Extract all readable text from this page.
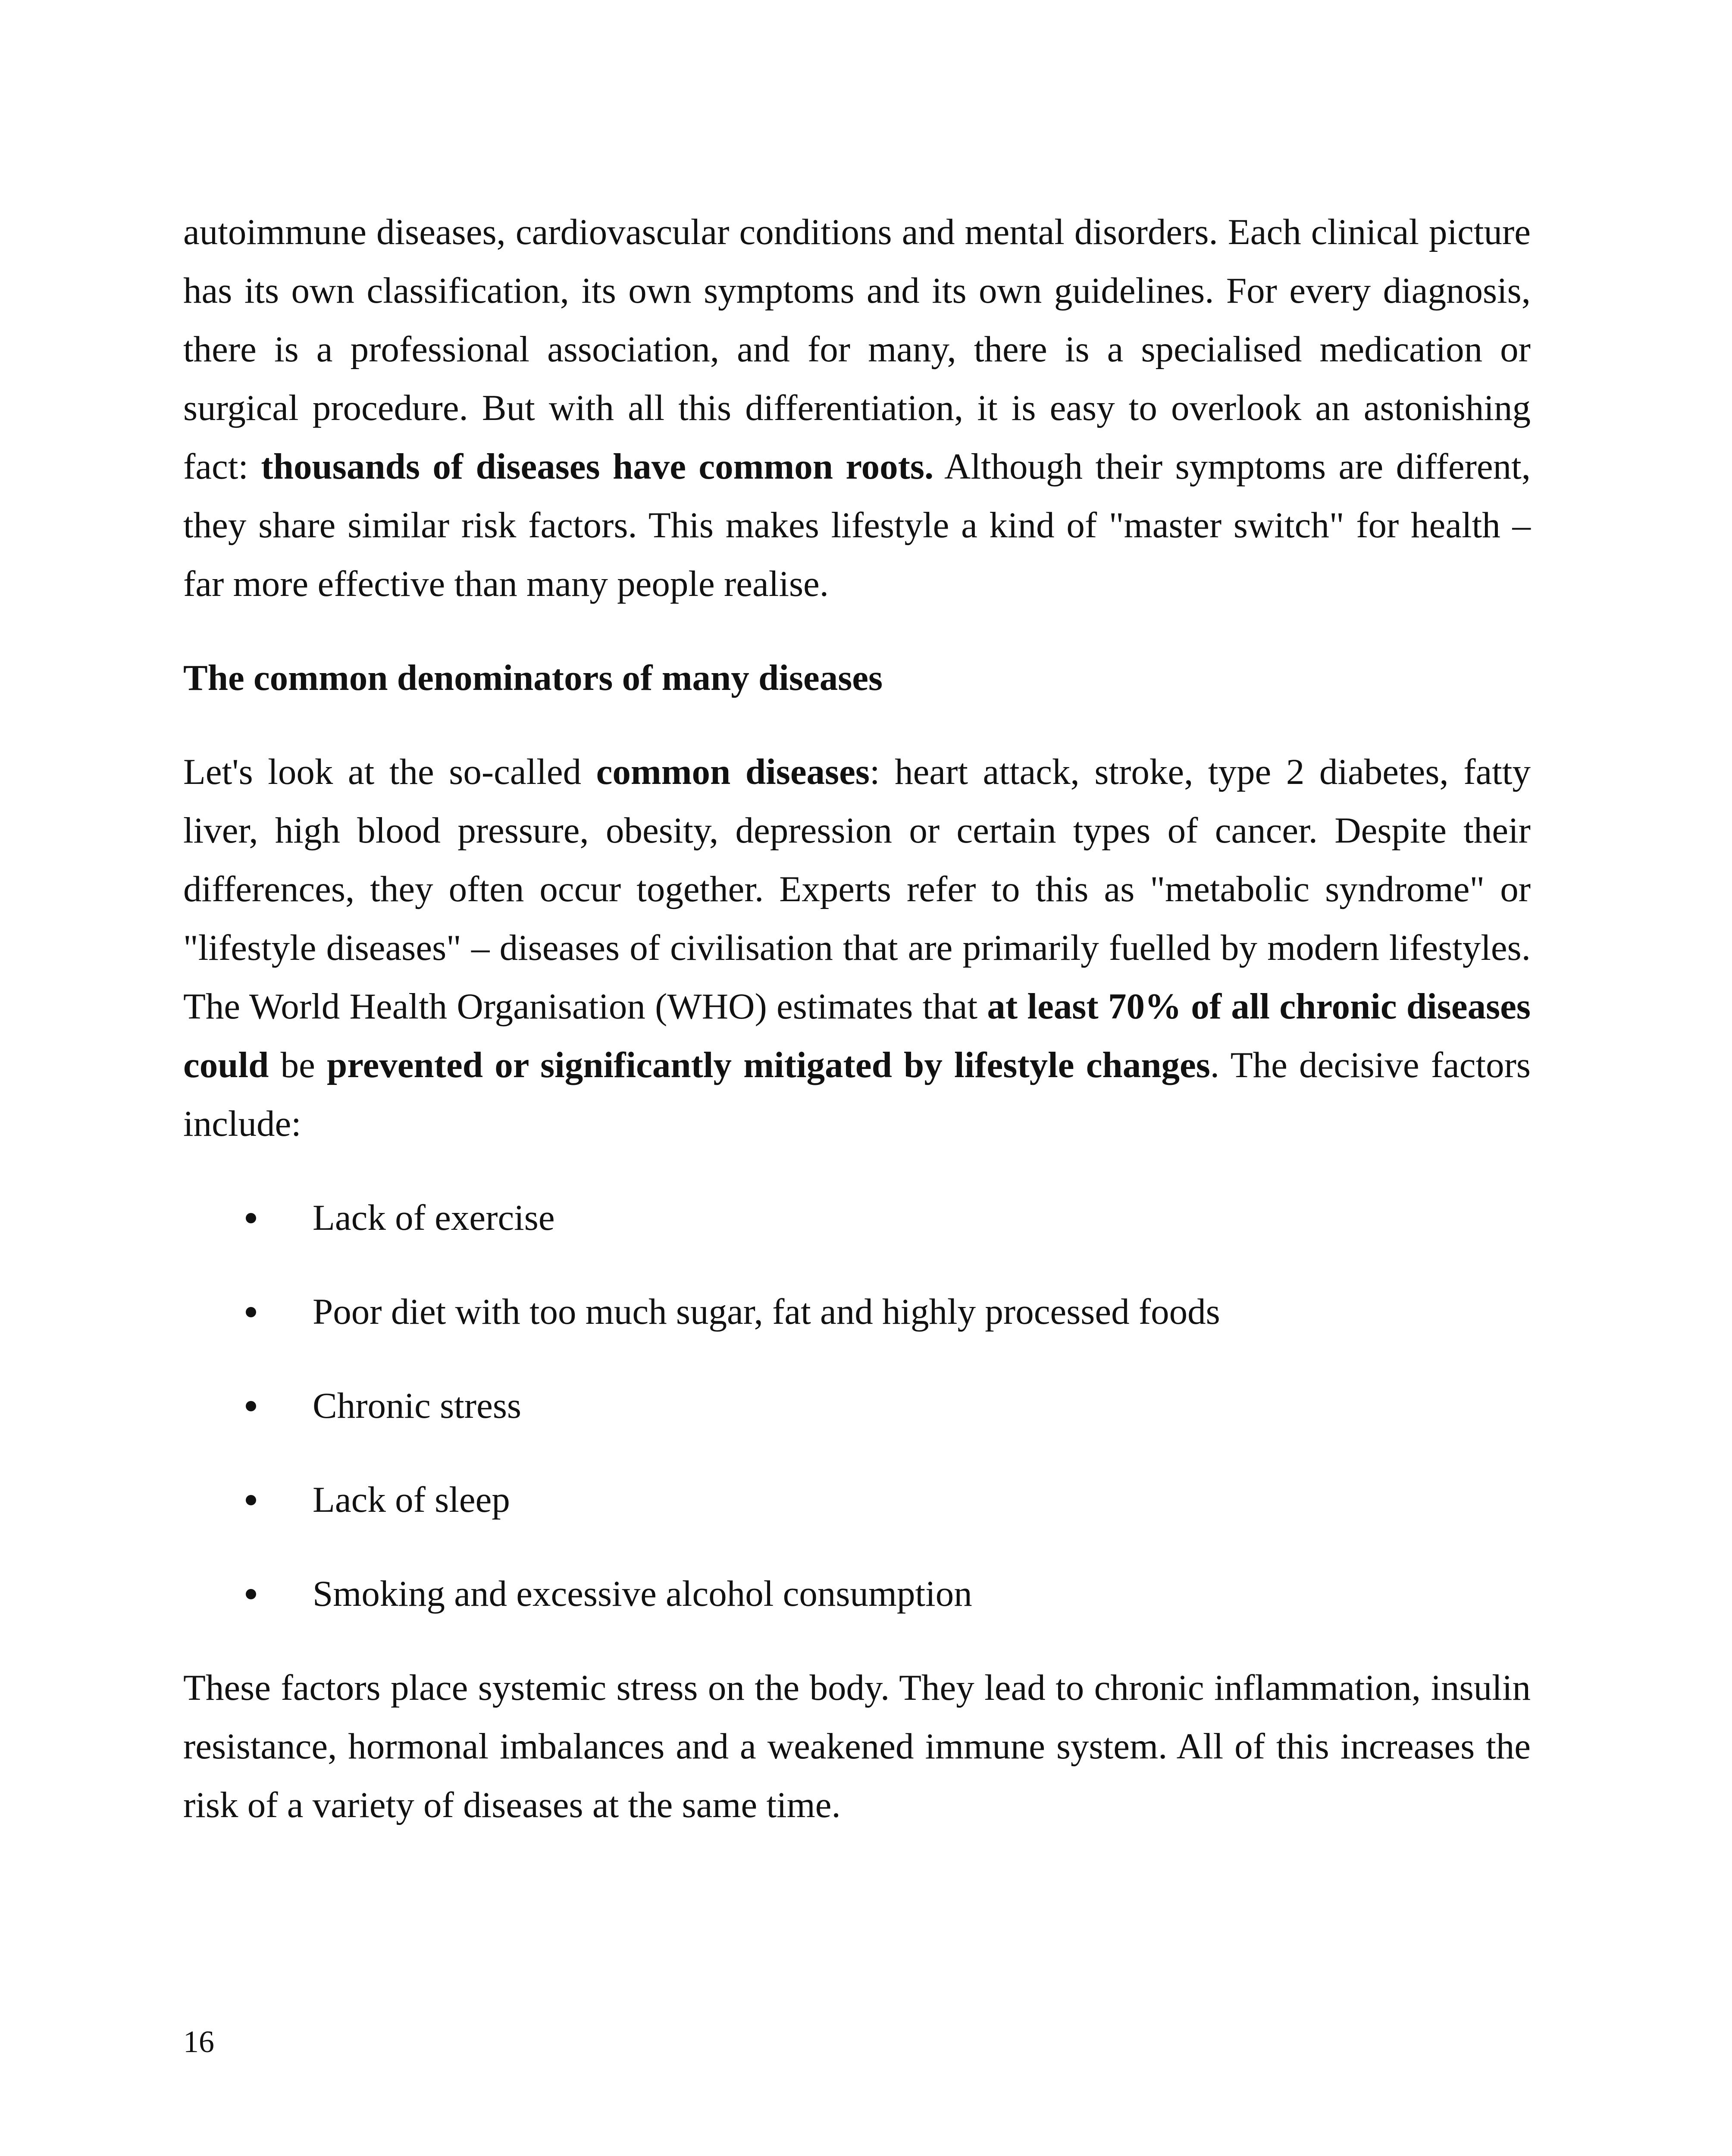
autoimmune diseases, cardiovascular conditions and mental disorders. Each clinical picture has its own classification, its own symptoms and its own guidelines. For every diagnosis, there is a professional association, and for many, there is a specialised medication or surgical procedure. But with all this differentiation, it is easy to overlook an astonishing fact: thousands of diseases have common roots. Although their symptoms are different, they share similar risk factors. This makes lifestyle a kind of "master switch" for health – far more effective than many people realise.

The common denominators of many diseases

Let's look at the so-called common diseases: heart attack, stroke, type 2 diabetes, fatty liver, high blood pressure, obesity, depression or certain types of cancer. Despite their differences, they often occur together. Experts refer to this as "metabolic syndrome" or "lifestyle diseases" – diseases of civilisation that are primarily fuelled by modern lifestyles. The World Health Organisation (WHO) estimates that at least 70% of all chronic diseases could be prevented or significantly mitigated by lifestyle changes. The decisive factors include:

Lack of exercise
Poor diet with too much sugar, fat and highly processed foods
Chronic stress
Lack of sleep
Smoking and excessive alcohol consumption

These factors place systemic stress on the body. They lead to chronic inflammation, insulin resistance, hormonal imbalances and a weakened immune system. All of this increases the risk of a variety of diseases at the same time.

16
